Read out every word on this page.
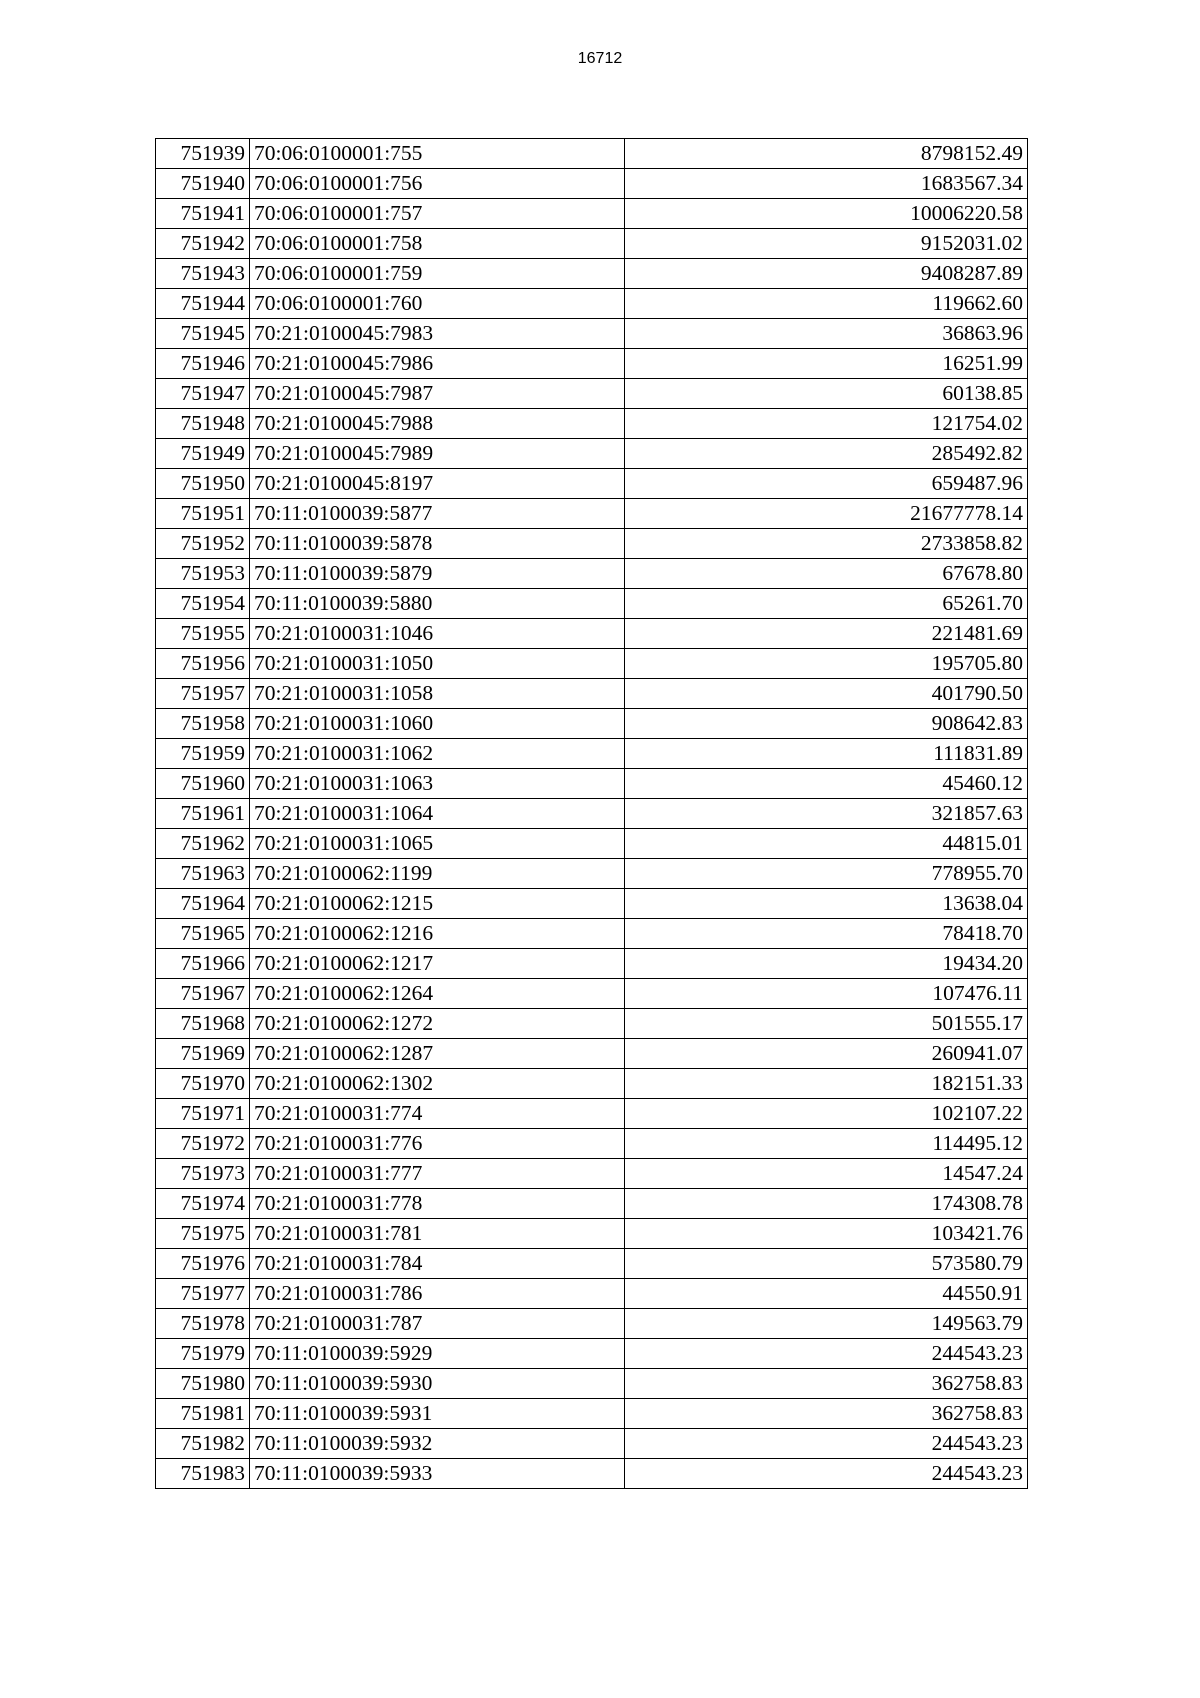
16712
751939	70:06:0100001:755	8798152.49
751940	70:06:0100001:756	1683567.34
751941	70:06:0100001:757	10006220.58
751942	70:06:0100001:758	9152031.02
751943	70:06:0100001:759	9408287.89
751944	70:06:0100001:760	119662.60
751945	70:21:0100045:7983	36863.96
751946	70:21:0100045:7986	16251.99
751947	70:21:0100045:7987	60138.85
751948	70:21:0100045:7988	121754.02
751949	70:21:0100045:7989	285492.82
751950	70:21:0100045:8197	659487.96
751951	70:11:0100039:5877	21677778.14
751952	70:11:0100039:5878	2733858.82
751953	70:11:0100039:5879	67678.80
751954	70:11:0100039:5880	65261.70
751955	70:21:0100031:1046	221481.69
751956	70:21:0100031:1050	195705.80
751957	70:21:0100031:1058	401790.50
751958	70:21:0100031:1060	908642.83
751959	70:21:0100031:1062	111831.89
751960	70:21:0100031:1063	45460.12
751961	70:21:0100031:1064	321857.63
751962	70:21:0100031:1065	44815.01
751963	70:21:0100062:1199	778955.70
751964	70:21:0100062:1215	13638.04
751965	70:21:0100062:1216	78418.70
751966	70:21:0100062:1217	19434.20
751967	70:21:0100062:1264	107476.11
751968	70:21:0100062:1272	501555.17
751969	70:21:0100062:1287	260941.07
751970	70:21:0100062:1302	182151.33
751971	70:21:0100031:774	102107.22
751972	70:21:0100031:776	114495.12
751973	70:21:0100031:777	14547.24
751974	70:21:0100031:778	174308.78
751975	70:21:0100031:781	103421.76
751976	70:21:0100031:784	573580.79
751977	70:21:0100031:786	44550.91
751978	70:21:0100031:787	149563.79
751979	70:11:0100039:5929	244543.23
751980	70:11:0100039:5930	362758.83
751981	70:11:0100039:5931	362758.83
751982	70:11:0100039:5932	244543.23
751983	70:11:0100039:5933	244543.23
